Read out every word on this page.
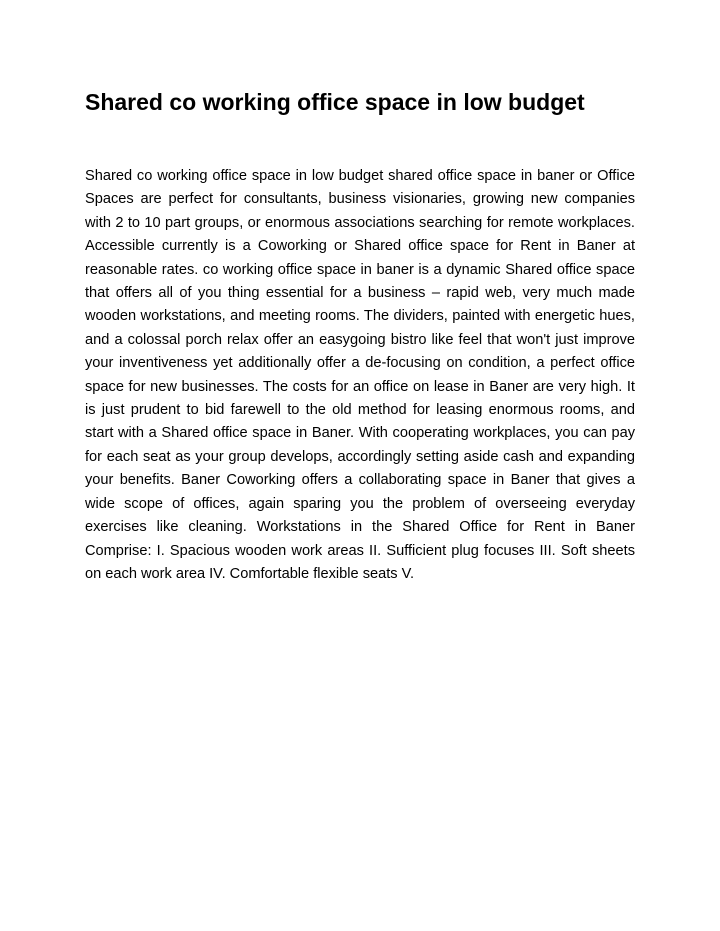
Shared co working office space in low budget

Shared co working office space in low budget shared office space in baner or Office Spaces are perfect for consultants, business visionaries, growing new companies with 2 to 10 part groups, or enormous associations searching for remote workplaces. Accessible currently is a Coworking or Shared office space for Rent in Baner at reasonable rates. co working office space in baner is a dynamic Shared office space that offers all of you thing essential for a business – rapid web, very much made wooden workstations, and meeting rooms. The dividers, painted with energetic hues, and a colossal porch relax offer an easygoing bistro like feel that won't just improve your inventiveness yet additionally offer a de-focusing on condition, a perfect office space for new businesses. The costs for an office on lease in Baner are very high. It is just prudent to bid farewell to the old method for leasing enormous rooms, and start with a Shared office space in Baner. With cooperating workplaces, you can pay for each seat as your group develops, accordingly setting aside cash and expanding your benefits. Baner Coworking offers a collaborating space in Baner that gives a wide scope of offices, again sparing you the problem of overseeing everyday exercises like cleaning. Workstations in the Shared Office for Rent in Baner Comprise: I. Spacious wooden work areas II. Sufficient plug focuses III. Soft sheets on each work area IV. Comfortable flexible seats V.
